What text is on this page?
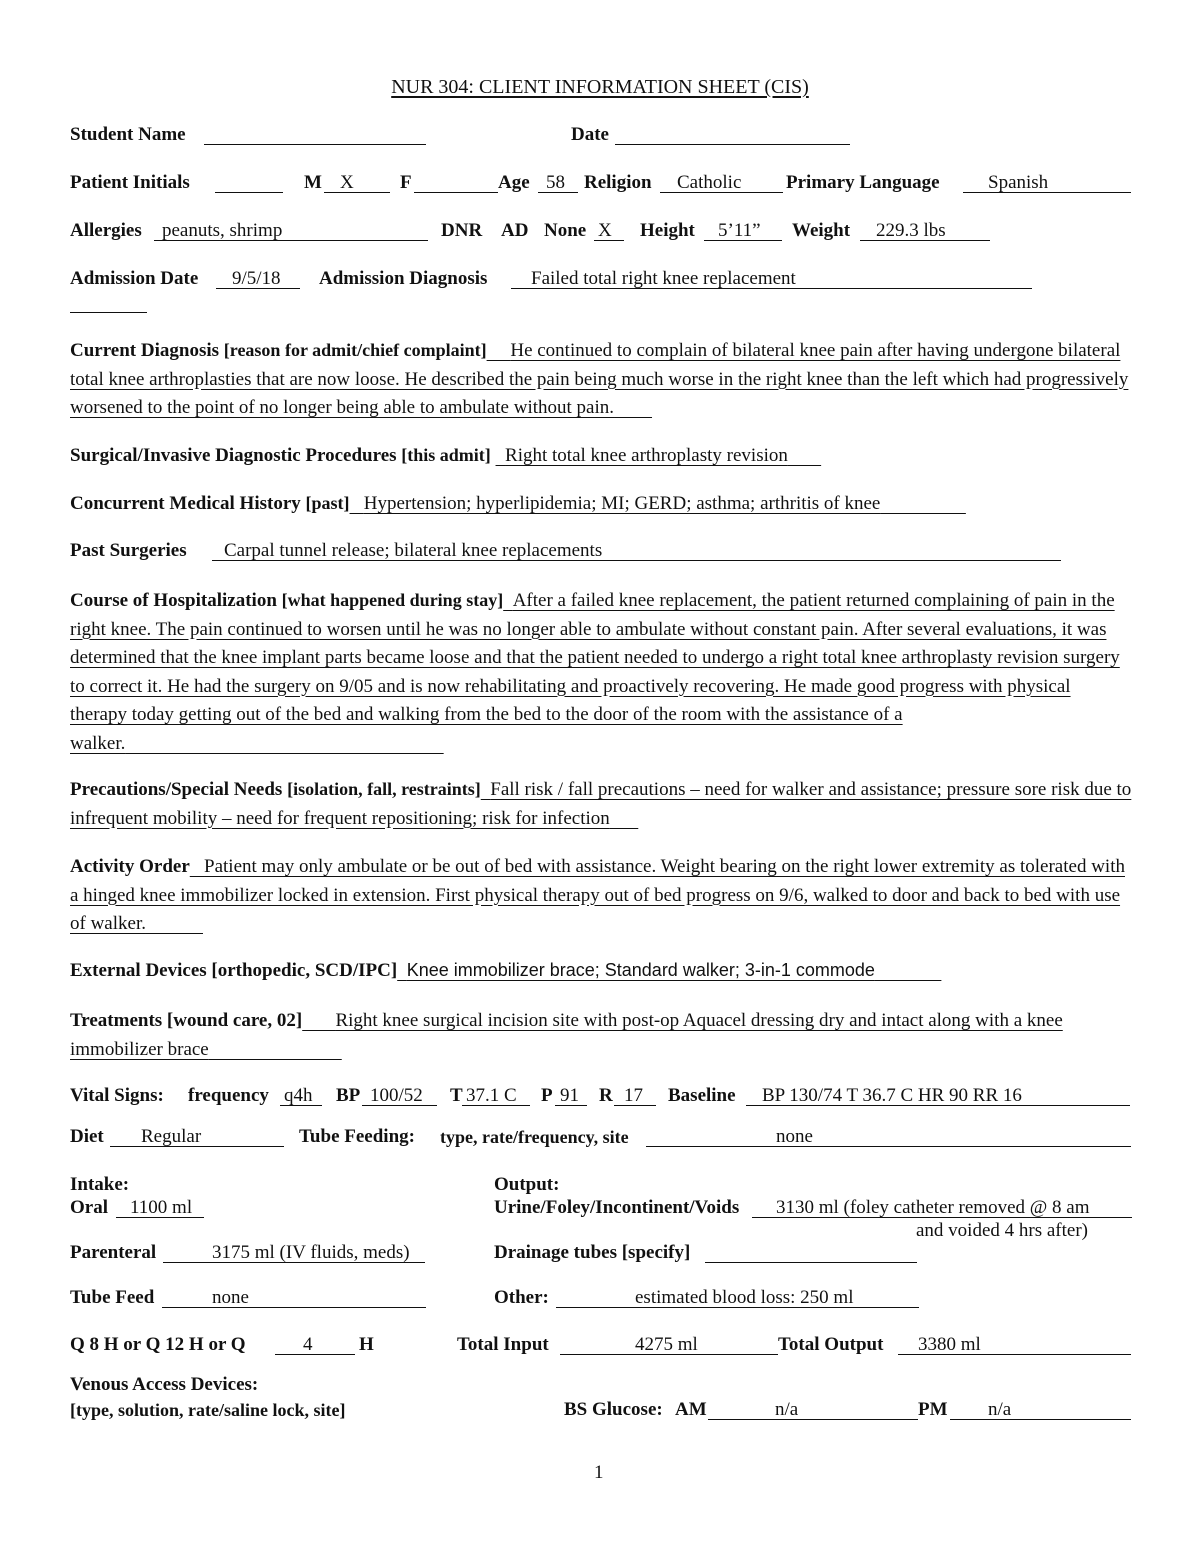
NUR 304: CLIENT INFORMATION SHEET (CIS)
Student Name	Date
Patient Initials	M X F	Age 58 Religion Catholic Primary Language	Spanish
Allergies peanuts, shrimp	DNR AD None X Height 5’11” Weight 229.3 lbs
Admission Date 9/5/18 Admission Diagnosis Failed total right knee replacement
Current Diagnosis [reason for admit/chief complaint] He continued to complain of bilateral knee pain after having undergone bilateral total knee arthroplasties that are now loose. He described the pain being much worse in the right knee than the left which had progressively worsened to the point of no longer being able to ambulate without pain.
Surgical/Invasive Diagnostic Procedures [this admit] Right total knee arthroplasty revision
Concurrent Medical History [past] Hypertension; hyperlipidemia; MI; GERD; asthma; arthritis of knee
Past Surgeries Carpal tunnel release; bilateral knee replacements
Course of Hospitalization [what happened during stay] After a failed knee replacement, the patient returned complaining of pain in the right knee. The pain continued to worsen until he was no longer able to ambulate without constant pain. After several evaluations, it was determined that the knee implant parts became loose and that the patient needed to undergo a right total knee arthroplasty revision surgery to correct it. He had the surgery on 9/05 and is now rehabilitating and proactively recovering. He made good progress with physical therapy today getting out of the bed and walking from the bed to the door of the room with the assistance of a walker.
Precautions/Special Needs [isolation, fall, restraints] Fall risk / fall precautions – need for walker and assistance; pressure sore risk due to infrequent mobility – need for frequent repositioning; risk for infection
Activity Order Patient may only ambulate or be out of bed with assistance. Weight bearing on the right lower extremity as tolerated with a hinged knee immobilizer locked in extension. First physical therapy out of bed progress on 9/6, walked to door and back to bed with use of walker.
External Devices [orthopedic, SCD/IPC] Knee immobilizer brace; Standard walker; 3-in-1 commode
Treatments [wound care, 02] Right knee surgical incision site with post-op Aquacel dressing dry and intact along with a knee immobilizer brace
Vital Signs: frequency q4h BP 100/52 T 37.1 C P 91 R 17 Baseline BP 130/74 T 36.7 C HR 90 RR 16
Diet Regular	Tube Feeding: type, rate/frequency, site	none
Intake:	Output:
Oral 1100 ml	Urine/Foley/Incontinent/Voids 3130 ml (foley catheter removed @ 8 am
and voided 4 hrs after)
Parenteral	3175 ml (IV fluids, meds)	Drainage tubes [specify]
Tube Feed	none	Other:	estimated blood loss: 250 ml
Q 8 H or Q 12 H or Q	4 H	Total Input	4275 ml	Total Output 3380 ml
Venous Access Devices:
[type, solution, rate/saline lock, site]	BS Glucose: AM	n/a	PM n/a
1
